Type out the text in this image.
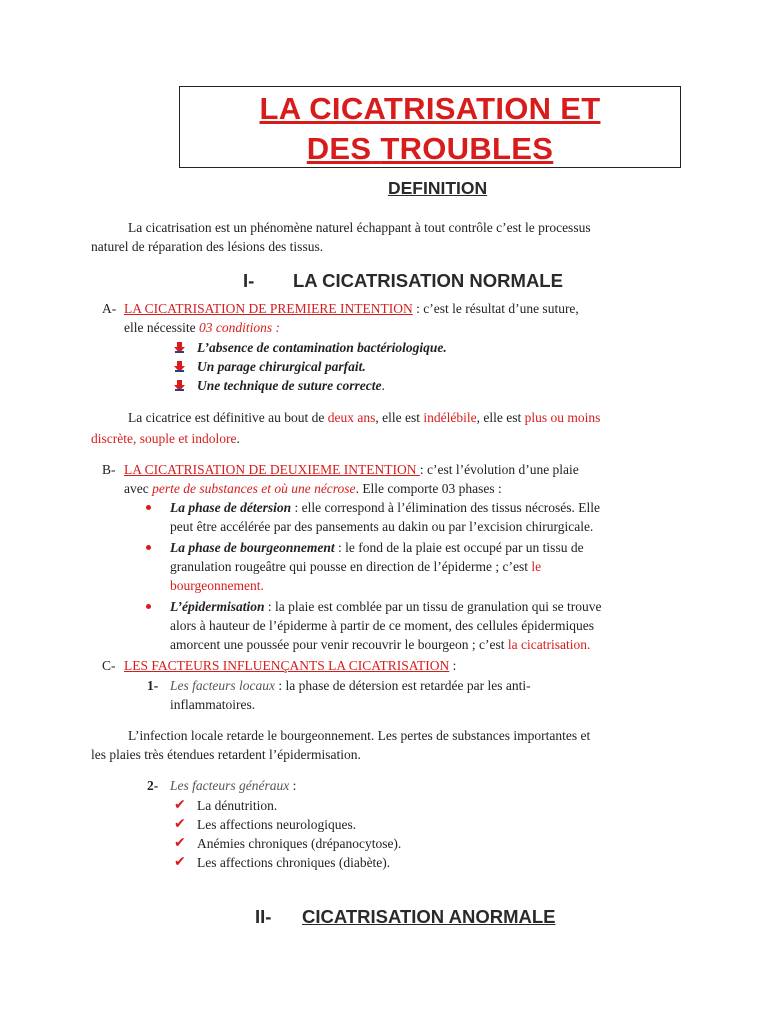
LA CICATRISATION ET
DES TROUBLES
DEFINITION
La cicatrisation est un phénomène naturel échappant à tout contrôle c’est le processus
naturel de réparation des lésions des tissus.
I- LA CICATRISATION NORMALE
A- LA CICATRISATION DE PREMIERE INTENTION : c’est le résultat d’une suture,
elle nécessite 03 conditions :
L’absence de contamination bactériologique.
Un parage chirurgical parfait.
Une technique de suture correcte.
La cicatrice est définitive au bout de deux ans, elle est indélébile, elle est plus ou moins
discrète, souple et indolore.
B- LA CICATRISATION DE DEUXIEME INTENTION : c’est l’évolution d’une plaie
avec perte de substances et où une nécrose. Elle comporte 03 phases :
La phase de détersion : elle correspond à l’élimination des tissus nécrosés. Elle
peut être accélérée par des pansements au dakin ou par l’excision chirurgicale.
La phase de bourgeonnement : le fond de la plaie est occupé par un tissu de
granulation rougeâtre qui pousse en direction de l’épiderme ; c’est le
bourgeonnement.
L’épidermisation : la plaie est comblée par un tissu de granulation qui se trouve
alors à hauteur de l’épiderme à partir de ce moment, des cellules épidermiques
amorcent une poussée pour venir recouvrir le bourgeon ; c’est la cicatrisation.
C- LES FACTEURS INFLUENÇANTS LA CICATRISATION :
1- Les facteurs locaux : la phase de détersion est retardée par les anti-
inflammatoires.
L’infection locale retarde le bourgeonnement. Les pertes de substances importantes et
les plaies très étendues retardent l’épidermisation.
2- Les facteurs généraux :
✔ La dénutrition.
✔ Les affections neurologiques.
✔ Anémies chroniques (drépanocytose).
✔ Les affections chroniques (diabète).
II- CICATRISATION ANORMALE
